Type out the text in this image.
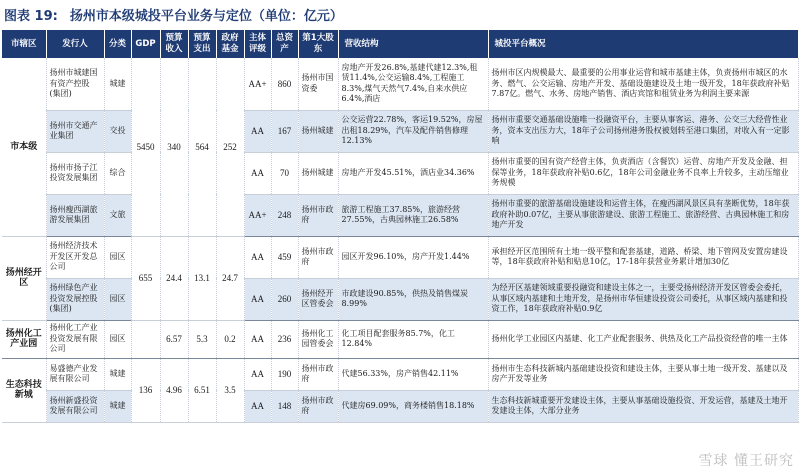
图表 19: 扬州市本级城投平台业务与定位（单位：亿元）
市辖区	发行人	分类	GDP	预算收入	预算支出	政府基金	主体评级	总资产	第1大股东	营收结构	城投平台概况
市本级	扬州市城建国有资产控股(集团)	城建	5450	340	564	252	AA+	860	扬州市国资委	房地产开发26.8%,基建代建12.3%,租赁11.4%,公交运输8.4%,工程施工8.3%,煤气天然气7.4%,自来水供应6.4%,酒店	扬州市区内规模最大、最重要的公用事业运营和城市基建主体，负责扬州市城区的水务、燃气、公交运输、房地产开发、基础设施建设及土地一级开发，18年获政府补贴7.87亿。燃气、水务、房地产销售、酒店宾馆和租赁业务为利润主要来源
	扬州市交通产业集团	交投					AA	167	扬州城建	公交运营22.78%，客运19.52%，房屋出租18.29%，汽车及配件销售修理12.13%	扬州市重要交通基础设施唯一投融资平台，主要从事客运、港务、公交三大经营性业务，资本支出压力大，18年子公司扬州港务股权被划转至港口集团，对收入有一定影响
	扬州市扬子江投资发展集团	综合					AA	70	扬州城建	房地产开发45.51%，酒店业34.36%	扬州市重要的国有资产经营主体，负责酒店（含餐饮）运营、房地产开发及金融、担保等业务，18年获政府补贴0.6亿，18年公司金融业务不良率上升较多，主动压缩业务规模
	扬州瘦西湖旅游发展集团	文旅					AA+	248	扬州市政府	旅游工程施工37.85%，旅游经营27.55%，古典园林施工26.58%	扬州市重要的旅游基础设施建设和运营主体，在瘦西湖风景区具有垄断优势，18年获政府补助0.07亿，主要从事旅游建设、旅游工程施工、旅游经营、古典园林施工和房地产开发
扬州经开区	扬州经济技术开发区开发总公司	园区	655	24.4	13.1	24.7	AA	459	扬州市政府	园区开发96.10%，房产开发1.44%	承担经开区范围所有土地一级平整和配套基建，道路、桥梁、地下管网及安置房建设等，18年获政府补贴和贴息10亿，17-18年获营业务累计增加30亿
	扬州绿色产业投资发展控股(集团)	园区					AA	260	扬州经开区管委会	市政建设90.85%，供热及销售煤炭8.99%	为经开区基建领域重要投融资和建设主体之一，主要受扬州经济开发区管委会委托，从事区域内基建和土地开发，是扬州市华恒建设投资公司委托，从事区域内基建和投资工作，18年获政府补贴0.9亿
扬州化工产业园	扬州化工产业投资发展有限公司	园区		6.57	5.3	0.2	AA	236	扬州化工园管委会	化工项目配套服务85.7%，化工12.84%	扬州化学工业园区内基建、化工产业配套服务、供热及化工产品投资经营的唯一主体
生态科技新城	易盛德产业发展有限公司	城建	136	4.96	6.51	3.5	AA	190	扬州市政府	代建56.33%，房产销售42.11%	扬州市生态科技新城内基础建设投资和建设主体，主要从事土地一级开发、基建以及房产开发等业务
	扬州新盛投资发展有限公司	城建					AA	148	扬州市政府	代建房69.09%，商务楼销售18.18%	生态科技新城重要开发建设主体，主要从事基础设施投资、开发运营，基建及土地开发建设主体，大部分业务
雪球 懂王研究
